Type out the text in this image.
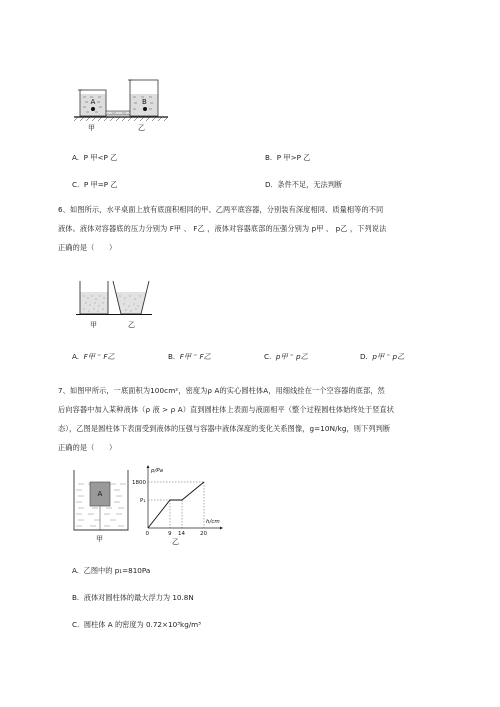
A	B
甲	乙
A. P 甲<P 乙	B. P 甲>P 乙
C. P 甲=P 乙	D. 条件不足，无法判断
6、如图所示，水平桌面上放有底面积相同的甲、乙两平底容器，分别装有深度相同、质量相等的不同
液体。液体对容器底的压力分别为 F甲 、 F乙 ，液体对容器底部的压强分别为 p甲 、 p乙 ，下列说法
正确的是（　　）
甲	乙
A. F甲 ⁼ F乙	B. F甲 ⁼ F乙	C. p甲 ⁼ p乙	D. p甲 ⁼ p乙
7、如图甲所示，一底面积为100cm²，密度为ρ A的实心圆柱体A，用细线拴在一个空容器的底部，然
后向容器中加入某种液体（ρ 液 > ρ A）直到圆柱体上表面与液面相平（整个过程圆柱体始终处于竖直状
态），乙图是圆柱体下表面受到液体的压强与容器中液体深度的变化关系图像，g=10N/kg，则下列判断
正确的是（　　）
A
甲
p/Pa
1800
P₁
h/cm
0	9 14	20
乙
A. 乙图中的 p₁=810Pa
B. 液体对圆柱体的最大浮力为 10.8N
C. 圆柱体 A 的密度为 0.72×10³kg/m³
